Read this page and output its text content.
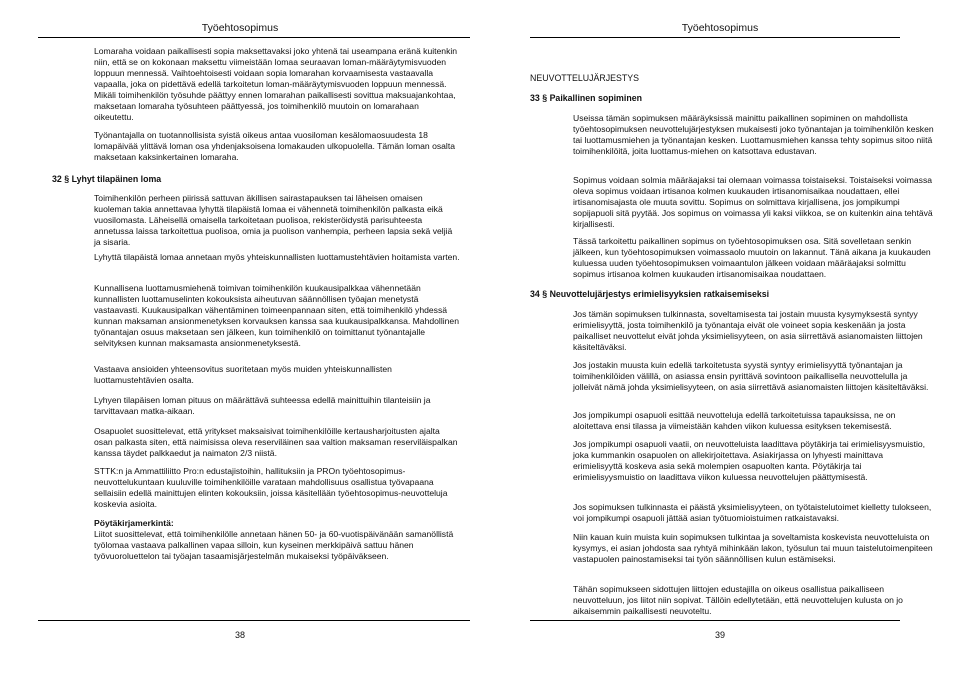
Työehtosopimus

Lomaraha voidaan paikallisesti sopia maksettavaksi joko yhtenä tai useampana eränä kuitenkin niin, että se on kokonaan maksettu viimeistään lomaa seuraavan loman-määräytymisvuoden loppuun mennessä. Vaihtoehtoisesti voidaan sopia lomarahan korvaamisesta vastaavalla vapaalla, joka on pidettävä edellä tarkoitetun loman-määräytymisvuoden loppuun mennessä. Mikäli toimihenkilön työsuhde päättyy ennen lomarahan paikallisesti sovittua maksuajankohtaa, maksetaan lomaraha työsuhteen päättyessä, jos toimihenkilö muutoin on lomarahaan oikeutettu.

Työnantajalla on tuotannollisista syistä oikeus antaa vuosiloman kesälomaosuudesta 18 lomapäivää ylittävä loman osa yhdenjaksoisena lomakauden ulkopuolella. Tämän loman osalta maksetaan kaksinkertainen lomaraha.

32 § Lyhyt tilapäinen loma

Toimihenkilön perheen piirissä sattuvan äkillisen sairastapauksen tai läheisen omaisen kuoleman takia annettavaa lyhyttä tilapäistä lomaa ei vähennetä toimihenkilön palkasta eikä vuosilomasta. Läheisellä omaisella tarkoitetaan puolisoa, rekisteröidystä parisuhteesta annetussa laissa tarkoitettua puolisoa, omia ja puolison vanhempia, perheen lapsia sekä veljiä ja sisaria.

Lyhyttä tilapäistä lomaa annetaan myös yhteiskunnallisten luottamustehtävien hoitamista varten.

Kunnallisena luottamusmiehenä toimivan toimihenkilön kuukausipalkkaa vähennetään kunnallisten luottamuselinten kokouksista aiheutuvan säännöllisen työajan menetystä vastaavasti. Kuukausipalkan vähentäminen toimeenpannaan siten, että toimihenkilö yhdessä kunnan maksaman ansionmenetyksen korvauksen kanssa saa kuukausipalkkansa. Mahdollinen työnantajan osuus maksetaan sen jälkeen, kun toimihenkilö on toimittanut työnantajalle selvityksen kunnan maksamasta ansionmenetyksestä.

Vastaava ansioiden yhteensovitus suoritetaan myös muiden yhteiskunnallisten luottamustehtävien osalta.

Lyhyen tilapäisen loman pituus on määrättävä suhteessa edellä mainittuihin tilanteisiin ja tarvittavaan matka-aikaan.

Osapuolet suosittelevat, että yritykset maksaisivat toimihenkilöille kertausharjoitusten ajalta osan palkasta siten, että naimisissa oleva reserviläinen saa valtion maksaman reserviläispalkan kanssa täydet palkkaedut ja naimaton 2/3 niistä.

STTK:n ja Ammattiliitto Pro:n edustajistoihin, hallituksiin ja PROn työehtosopimus-neuvottelukuntaan kuuluville toimihenkilöille varataan mahdollisuus osallistua työvapaana sellaisiin edellä mainittujen elinten kokouksiin, joissa käsitellään työehtosopimus-neuvotteluja koskevia asioita.

Pöytäkirjamerkintä:
Liitot suosittelevat, että toimihenkilölle annetaan hänen 50- ja 60-vuotispäivänään samanöllistä työlomaa vastaava palkallinen vapaa silloin, kun kyseinen merkkipäivä sattuu hänen työvuoroluettelon tai työajan tasaamisjärjestelmän mukaiseksi työpäiväkseen.

38
Työehtosopimus
NEUVOTTELUJÄRJESTYS
33 § Paikallinen sopiminen

Useissa tämän sopimuksen määräyksissä mainittu paikallinen sopiminen on mahdollista työehtosopimuksen neuvottelujärjestyksen mukaisesti joko työnantajan ja toimihenkilön kesken tai luottamusmiehen ja työnantajan kesken. Luottamusmiehen kanssa tehty sopimus sitoo niitä toimihenkilöitä, joita luottamus-miehen on katsottava edustavan.

Sopimus voidaan solmia määräajaksi tai olemaan voimassa toistaiseksi. Toistaiseksi voimassa oleva sopimus voidaan irtisanoa kolmen kuukauden irtisanomisaikaa noudattaen, ellei irtisanomisajasta ole muuta sovittu. Sopimus on solmittava kirjallisena, jos jompikumpi sopijapuoli sitä pyytää. Jos sopimus on voimassa yli kaksi viikkoa, se on kuitenkin aina tehtävä kirjallisesti.

Tässä tarkoitettu paikallinen sopimus on työehtosopimuksen osa. Sitä sovelletaan senkin jälkeen, kun työehtosopimuksen voimassaolo muutoin on lakannut. Tänä aikana ja kuukauden kuluessa uuden työehtosopimuksen voimaantulon jälkeen voidaan määräajaksi solmittu sopimus irtisanoa kolmen kuukauden irtisanomisaikaa noudattaen.

34 § Neuvottelujärjestys erimielisyyksien ratkaisemiseksi

Jos tämän sopimuksen tulkinnasta, soveltamisesta tai jostain muusta kysymyksestä syntyy erimielisyyttä, josta toimihenkilö ja työnantaja eivät ole voineet sopia keskenään ja josta paikalliset neuvottelut eivät johda yksimielisyyteen, on asia siirrettävä asianomaisten liittojen käsiteltäväksi.

Jos jostakin muusta kuin edellä tarkoitetusta syystä syntyy erimielisyyttä työnantajan ja toimihenkilöiden välillä, on asiassa ensin pyrittävä sovintoon paikallisella neuvottelulla ja jolleivät nämä johda yksimielisyyteen, on asia siirrettävä asianomaisten liittojen käsiteltäväksi.

Jos jompikumpi osapuoli esittää neuvotteluja edellä tarkoitetuissa tapauksissa, ne on aloitettava ensi tilassa ja viimeistään kahden viikon kuluessa esityksen tekemisestä.

Jos jompikumpi osapuoli vaatii, on neuvotteluista laadittava pöytäkirja tai erimielisyysmuistio, joka kummankin osapuolen on allekirjoitettava. Asiakirjassa on lyhyesti mainittava erimielisyyttä koskeva asia sekä molempien osapuolten kanta. Pöytäkirja tai erimielisyysmuistio on laadittava viikon kuluessa neuvottelujen päättymisestä.

Jos sopimuksen tulkinnasta ei päästä yksimielisyyteen, on työtaistelutoimet kielletty tulokseen, voi jompikumpi osapuoli jättää asian työtuomioistuimen ratkaistavaksi.

Niin kauan kuin muista kuin sopimuksen tulkintaa ja soveltamista koskevista neuvotteluista on kysymys, ei asian johdosta saa ryhtyä mihinkään lakon, työsulun tai muun taistelutoimenpiteen vastapuolen painostamiseksi tai työn säännöllisen kulun estämiseksi.

Tähän sopimukseen sidottujen liittojen edustajilla on oikeus osallistua paikalliseen neuvotteluun, jos liitot niin sopivat. Tällöin edellytetään, että neuvottelujen kulusta on jo aikaisemmin paikallisesti neuvoteltu.

39
